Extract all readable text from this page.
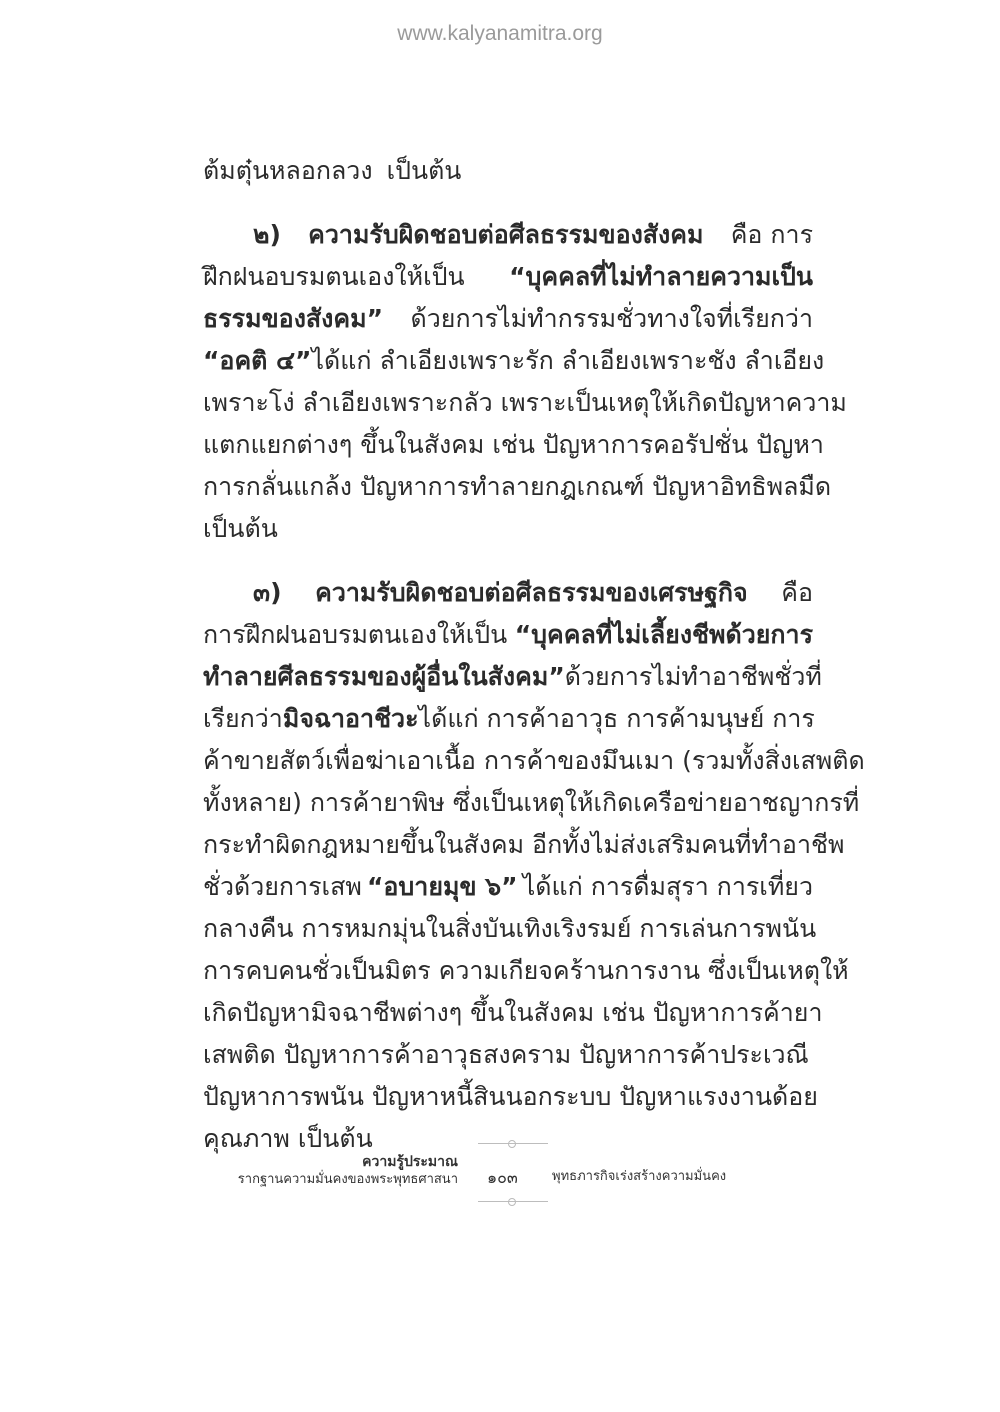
www.kalyanamitra.org
ต้มตุ๋นหลอกลวง เป็นต้น
๒) ความรับผิดชอบต่อศีลธรรมของสังคม คือ การ
ฝึกฝนอบรมตนเองให้เป็น “บุคคลที่ไม่ทำลายความเป็น
ธรรมของสังคม” ด้วยการไม่ทำกรรมชั่วทางใจที่เรียกว่า
“อคติ ๔” ได้แก่ ลำเอียงเพราะรัก ลำเอียงเพราะชัง ลำเอียง
เพราะโง่ ลำเอียงเพราะกลัว เพราะเป็นเหตุให้เกิดปัญหาความ
แตกแยกต่างๆ ขึ้นในสังคม เช่น ปัญหาการคอรัปชั่น ปัญหา
การกลั่นแกล้ง ปัญหาการทำลายกฎเกณฑ์ ปัญหาอิทธิพลมืด
เป็นต้น
๓) ความรับผิดชอบต่อศีลธรรมของเศรษฐกิจ คือ
การฝึกฝนอบรมตนเองให้เป็น “บุคคลที่ไม่เลี้ยงชีพด้วยการ
ทำลายศีลธรรมของผู้อื่นในสังคม” ด้วยการไม่ทำอาชีพชั่วที่
เรียกว่า มิจฉาอาชีวะ ได้แก่ การค้าอาวุธ การค้ามนุษย์ การ
ค้าขายสัตว์เพื่อฆ่าเอาเนื้อ การค้าของมึนเมา (รวมทั้งสิ่งเสพติด
ทั้งหลาย) การค้ายาพิษ ซึ่งเป็นเหตุให้เกิดเครือข่ายอาชญากรที่
กระทำผิดกฎหมายขึ้นในสังคม อีกทั้งไม่ส่งเสริมคนที่ทำอาชีพ
ชั่วด้วยการเสพ “อบายมุข ๖” ได้แก่ การดื่มสุรา การเที่ยว
กลางคืน การหมกมุ่นในสิ่งบันเทิงเริงรมย์ การเล่นการพนัน
การคบคนชั่วเป็นมิตร ความเกียจคร้านการงาน ซึ่งเป็นเหตุให้
เกิดปัญหามิจฉาชีพต่างๆ ขึ้นในสังคม เช่น ปัญหาการค้ายา
เสพติด ปัญหาการค้าอาวุธสงคราม ปัญหาการค้าประเวณี
ปัญหาการพนัน ปัญหาหนี้สินนอกระบบ ปัญหาแรงงานด้อย
คุณภาพ เป็นต้น
ความรู้ประมาณ
รากฐานความมั่นคงของพระพุทธศาสนา ๑๐๓	พุทธภารกิจเร่งสร้างความมั่นคง
